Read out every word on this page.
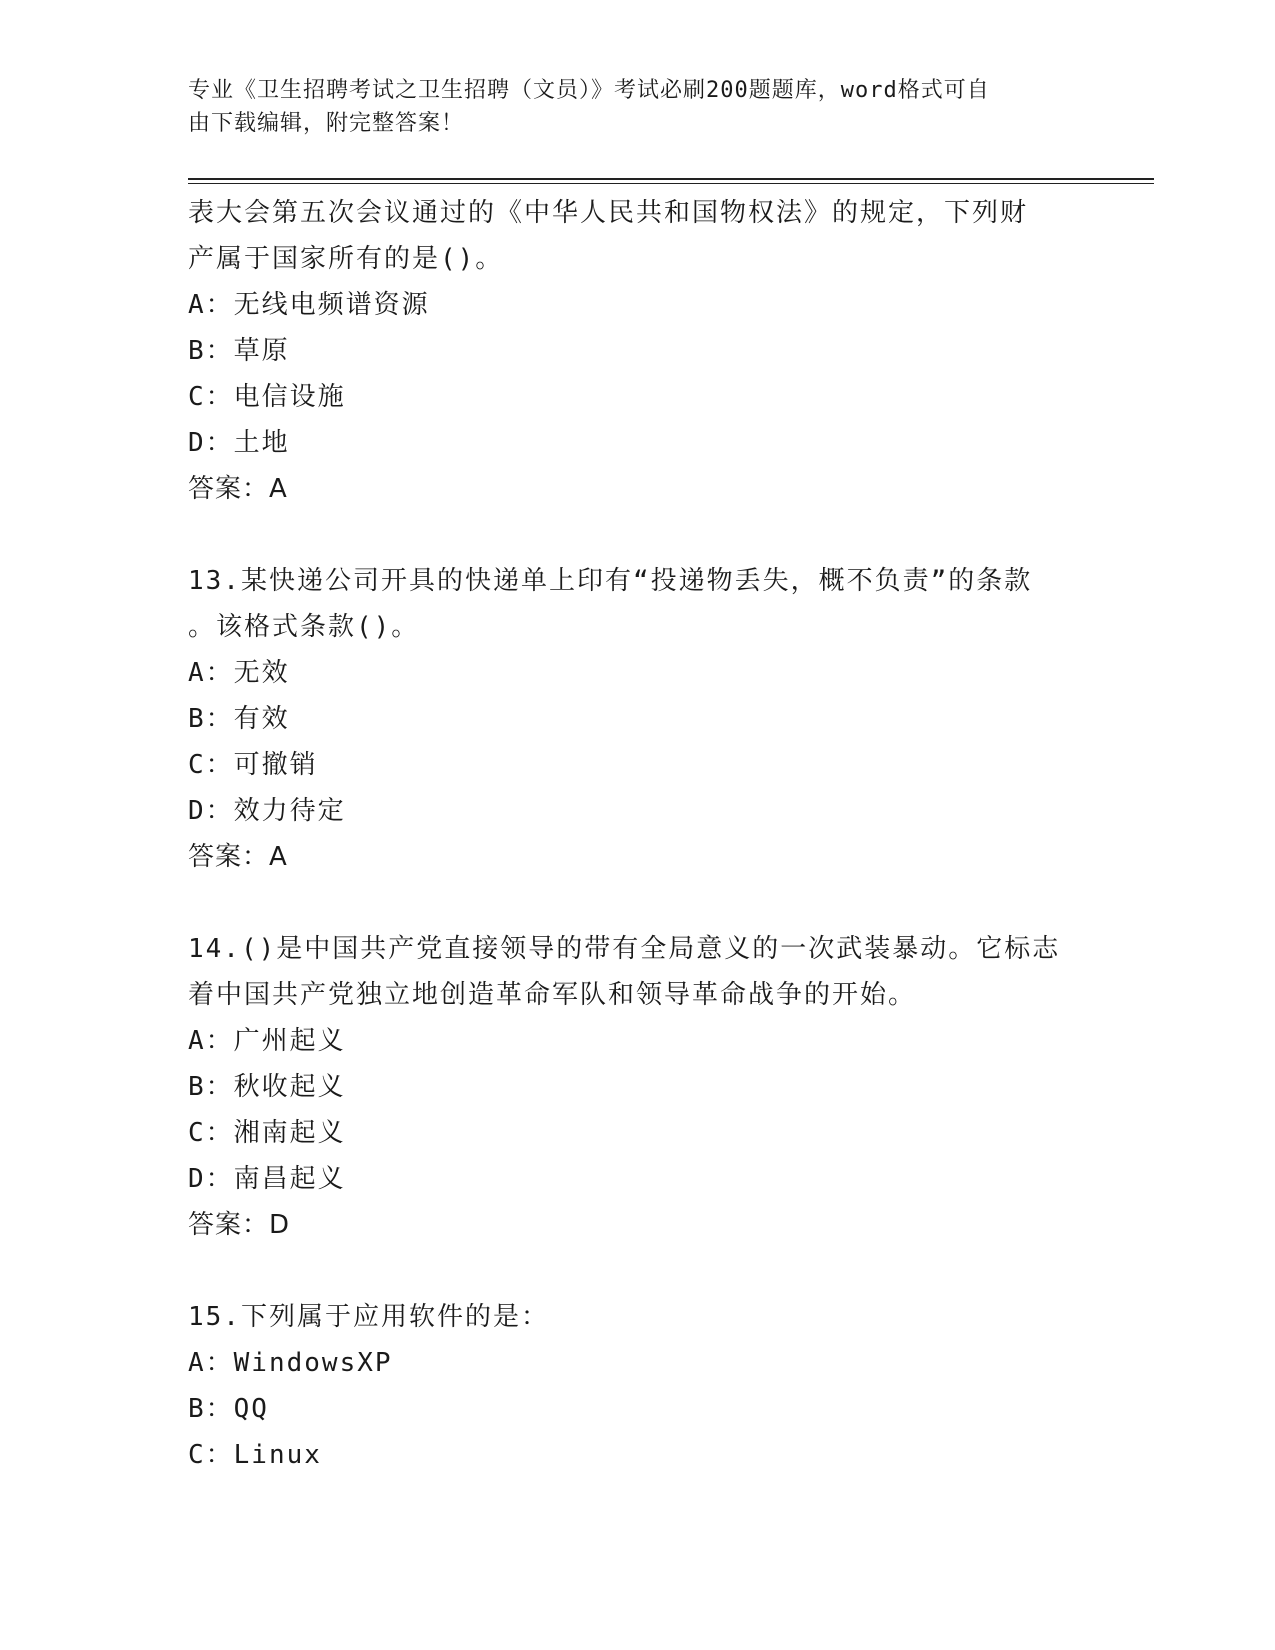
专业《卫生招聘考试之卫生招聘（文员）》考试必刷200题题库，word格式可自
由下载编辑，附完整答案！
表大会第五次会议通过的《中华人民共和国物权法》的规定，下列财
产属于国家所有的是()。
A：无线电频谱资源
B：草原
C：电信设施
D：土地
答案：A
13.某快递公司开具的快递单上印有“投递物丢失，概不负责”的条款
。该格式条款()。
A：无效
B：有效
C：可撤销
D：效力待定
答案：A
14.()是中国共产党直接领导的带有全局意义的一次武装暴动。它标志
着中国共产党独立地创造革命军队和领导革命战争的开始。
A：广州起义
B：秋收起义
C：湘南起义
D：南昌起义
答案：D
15.下列属于应用软件的是：
A：WindowsXP
B：QQ
C：Linux
